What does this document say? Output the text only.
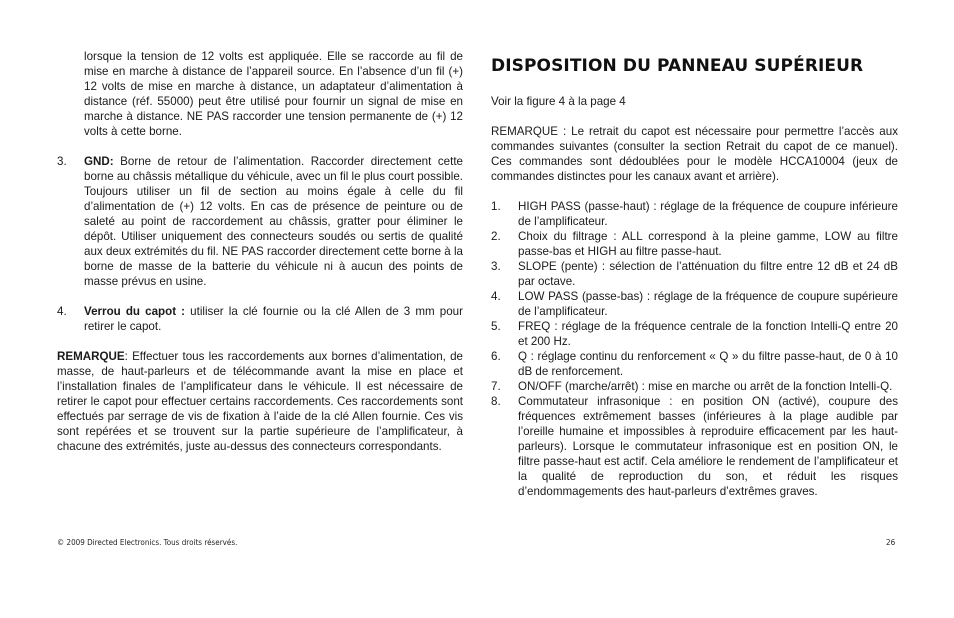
lorsque la tension de 12 volts est appliquée. Elle se raccorde au fil de mise en marche à distance de l’appareil source. En l’absence d’un fil (+) 12 volts de mise en marche à distance, un adaptateur d’alimentation à distance (réf. 55000) peut être utilisé pour fournir un signal de mise en marche à distance. NE PAS raccorder une tension permanente de (+) 12 volts à cette borne.

3.	GND: Borne de retour de l’alimentation. Raccorder directement cette borne au châssis métallique du véhicule, avec un fil le plus court possible. Toujours utiliser un fil de section au moins égale à celle du fil d’alimentation de (+) 12 volts. En cas de présence de peinture ou de saleté au point de raccordement au châssis, gratter pour éliminer le dépôt. Utiliser uniquement des connecteurs soudés ou sertis de qualité aux deux extrémités du fil. NE PAS raccorder directement cette borne à la borne de masse de la batterie du véhicule ni à aucun des points de masse prévus en usine.
4.	Verrou du capot : utiliser la clé fournie ou la clé Allen de 3 mm pour retirer le capot.

REMARQUE: Effectuer tous les raccordements aux bornes d’alimentation, de masse, de haut-parleurs et de télécommande avant la mise en place et l’installation finales de l’amplificateur dans le véhicule. Il est nécessaire de retirer le capot pour effectuer certains raccordements. Ces raccordements sont effectués par serrage de vis de fixation à l’aide de la clé Allen fournie. Ces vis sont repérées et se trouvent sur la partie supérieure de l’amplificateur, à chacune des extrémités, juste au-dessus des connecteurs correspondants.

DISPOSITION DU PANNEAU SUPÉRIEUR

Voir la figure 4 à la page 4

REMARQUE : Le retrait du capot est nécessaire pour permettre l’accès aux commandes suivantes (consulter la section Retrait du capot de ce manuel). Ces commandes sont dédoublées pour le modèle HCCA10004 (jeux de commandes distinctes pour les canaux avant et arrière).

1.	HIGH PASS (passe-haut) : réglage de la fréquence de coupure inférieure de l’amplificateur.
2.	Choix du filtrage : ALL correspond à la pleine gamme, LOW au filtre passe-bas et HIGH au filtre passe-haut.
3.	SLOPE (pente) : sélection de l’atténuation du filtre entre 12 dB et 24 dB par octave.
4.	LOW PASS (passe-bas) : réglage de la fréquence de coupure supérieure de l’amplificateur.
5.	FREQ : réglage de la fréquence centrale de la fonction Intelli-Q entre 20 et 200 Hz.
6.	Q : réglage continu du renforcement « Q » du filtre passe-haut, de 0 à 10 dB de renforcement.
7.	ON/OFF (marche/arrêt) : mise en marche ou arrêt de la fonction Intelli-Q.
8.	Commutateur infrasonique : en position ON (activé), coupure des fréquences extrêmement basses (inférieures à la plage audible par l’oreille humaine et impossibles à reproduire efficacement par les haut-parleurs). Lorsque le commutateur infrasonique est en position ON, le filtre passe-haut est actif. Cela améliore le rendement de l’amplificateur et la qualité de reproduction du son, et réduit les risques d’endommagements des haut-parleurs d’extrêmes graves.
© 2009 Directed Electronics. Tous droits réservés.	26
